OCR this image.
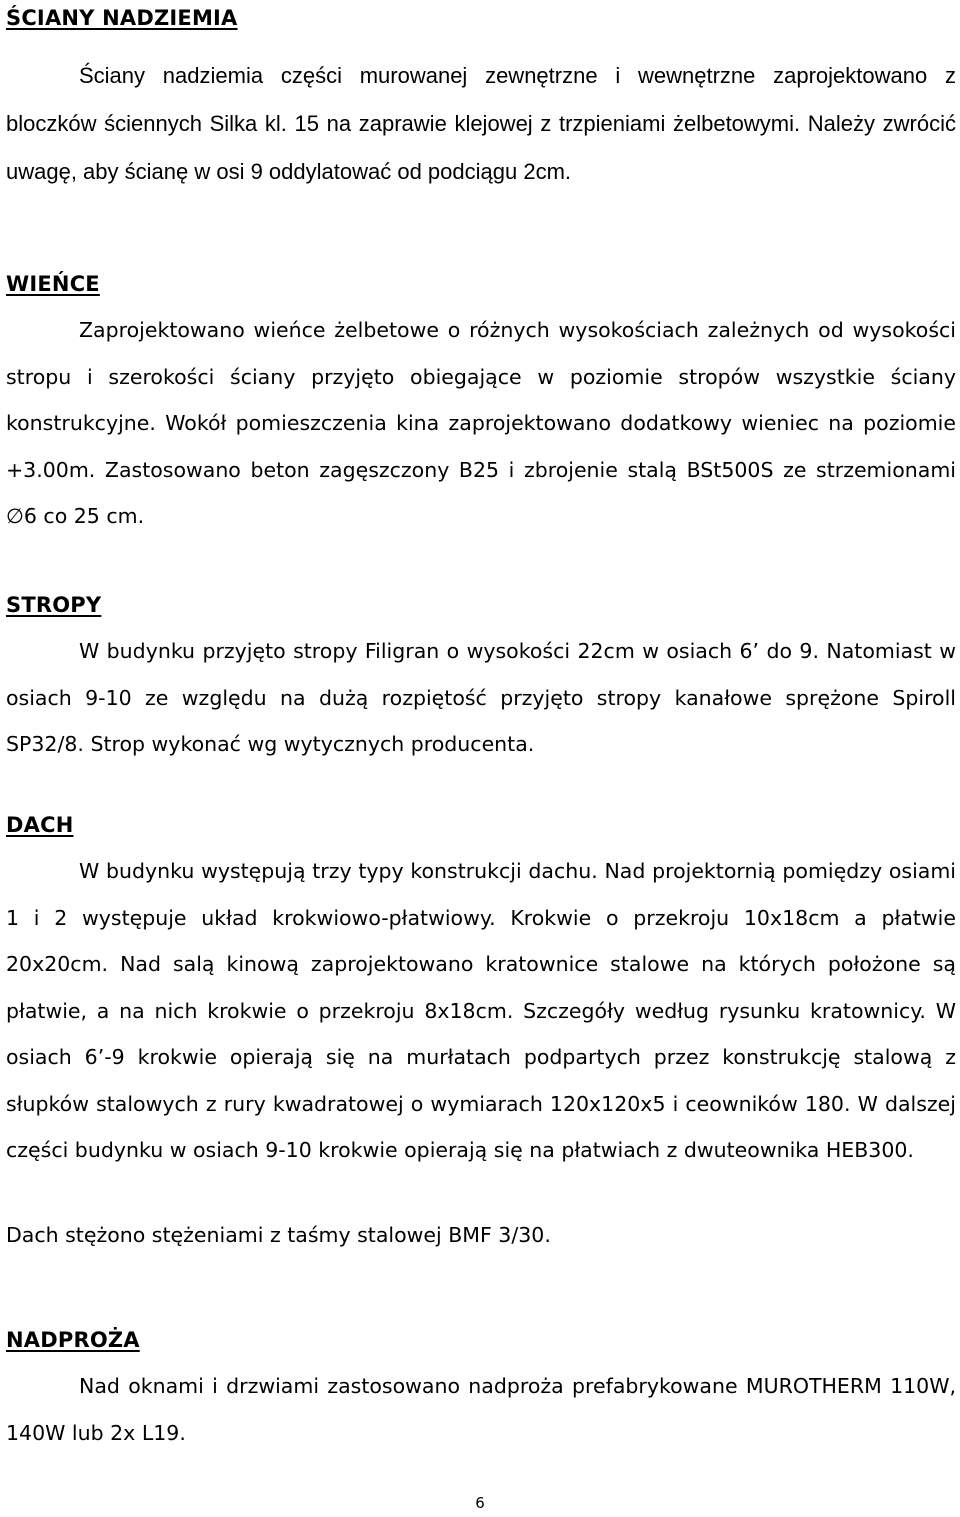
ŚCIANY NADZIEMIA

Ściany nadziemia części murowanej zewnętrzne i wewnętrzne zaprojektowano z bloczków ściennych Silka kl. 15 na zaprawie klejowej z trzpieniami żelbetowymi. Należy zwrócić uwagę, aby ścianę w osi 9 oddylatować od podciągu 2cm.

WIEŃCE

Zaprojektowano wieńce żelbetowe o różnych wysokościach zależnych od wysokości stropu i szerokości ściany przyjęto obiegające w poziomie stropów wszystkie ściany konstrukcyjne. Wokół pomieszczenia kina zaprojektowano dodatkowy wieniec na poziomie +3.00m. Zastosowano beton zagęszczony B25 i zbrojenie stalą BSt500S ze strzemionami ∅6 co 25 cm.

STROPY

W budynku przyjęto stropy Filigran o wysokości 22cm w osiach 6’ do 9. Natomiast w osiach 9-10 ze względu na dużą rozpiętość przyjęto stropy kanałowe sprężone Spiroll SP32/8. Strop wykonać wg wytycznych producenta.

DACH

W budynku występują trzy typy konstrukcji dachu. Nad projektornią pomiędzy osiami 1 i 2 występuje układ krokwiowo-płatwiowy. Krokwie o przekroju 10x18cm a płatwie 20x20cm. Nad salą kinową zaprojektowano kratownice stalowe na których położone są płatwie, a na nich krokwie o przekroju 8x18cm. Szczegóły według rysunku kratownicy. W osiach 6’-9 krokwie opierają się na murłatach podpartych przez konstrukcję stalową z słupków stalowych z rury kwadratowej o wymiarach 120x120x5 i ceowników 180. W dalszej części budynku w osiach 9-10 krokwie opierają się na płatwiach z dwuteownika HEB300.

Dach stężono stężeniami z taśmy stalowej BMF 3/30.

NADPROŻA

Nad oknami i drzwiami zastosowano nadproża prefabrykowane MUROTHERM 110W, 140W lub 2x L19.

6
